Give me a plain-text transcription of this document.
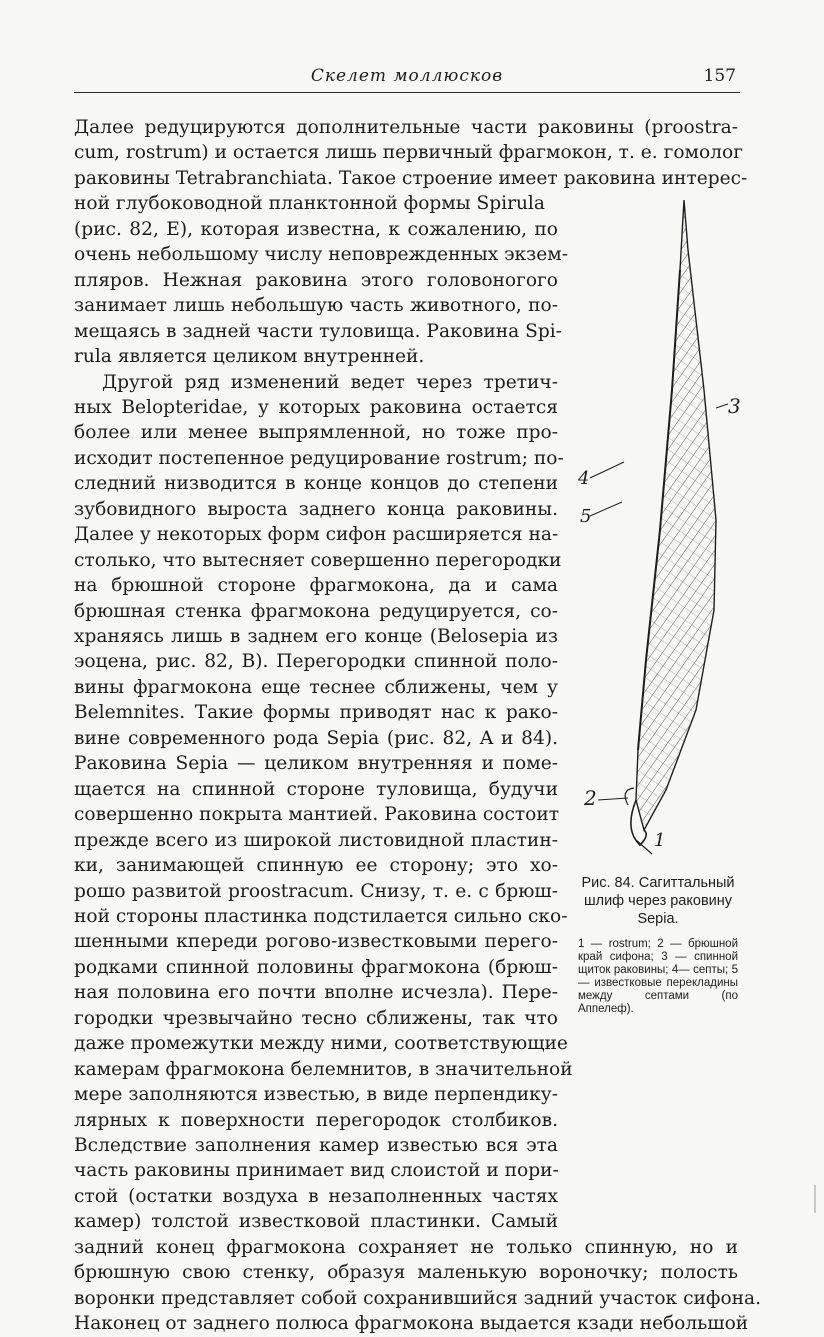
Скелет моллюсков	157
Далее редуцируются дополнительные части раковины (proostra-
cum, rostrum) и остается лишь первичный фрагмокон, т. е. гомолог
раковины Tetrabranchiata. Такое строение имеет раковина интерес-
ной глубоководной планктонной формы Spirula
(рис. 82, E), которая известна, к сожалению, по
очень небольшому числу неповрежденных экзем-
пляров. Нежная раковина этого головоногого
занимает лишь небольшую часть животного, по-
мещаясь в задней части туловища. Раковина Spi-
rula является целиком внутренней.
Другой ряд изменений ведет через третич-
ных Belopteridae, у которых раковина остается
более или менее выпрямленной, но тоже про-
исходит постепенное редуцирование rostrum; по-
следний низводится в конце концов до степени
зубовидного выроста заднего конца раковины.
Далее у некоторых форм сифон расширяется на-
столько, что вытесняет совершенно перегородки
на брюшной стороне фрагмокона, да и сама
брюшная стенка фрагмокона редуцируется, со-
храняясь лишь в заднем его конце (Belosepia из
эоцена, рис. 82, B). Перегородки спинной поло-
вины фрагмокона еще теснее сближены, чем у
Belemnites. Такие формы приводят нас к рако-
вине современного рода Sepia (рис. 82, A и 84).
Раковина Sepia — целиком внутренняя и поме-
щается на спинной стороне туловища, будучи
совершенно покрыта мантией. Раковина состоит
прежде всего из широкой листовидной пластин-
ки, занимающей спинную ее сторону; это хо-
рошо развитой proostracum. Снизу, т. е. с брюш-
ной стороны пластинка подстилается сильно ско-
шенными кпереди рогово-известковыми перего-
родками спинной половины фрагмокона (брюш-
ная половина его почти вполне исчезла). Пере-
городки чрезвычайно тесно сближены, так что
даже промежутки между ними, соответствующие
камерам фрагмокона белемнитов, в значительной
мере заполняются известью, в виде перпендику-
лярных к поверхности перегородок столбиков.
Вследствие заполнения камер известью вся эта
часть раковины принимает вид слоистой и пори-
стой (остатки воздуха в незаполненных частях
камер) толстой известковой пластинки. Самый
задний конец фрагмокона сохраняет не только спинную, но и
брюшную свою стенку, образуя маленькую вороночку; полость
воронки представляет собой сохранившийся задний участок сифона.
Наконец от заднего полюса фрагмокона выдается кзади небольшой
1
2
3
4
5
Рис. 84. Сагиттальный шлиф через раковину Sepia.
1 — rostrum; 2 — брюшной край сифона; 3 — спинной щиток раковины; 4— септы; 5 — известковые перекладины между септами (по Аппелеф).
